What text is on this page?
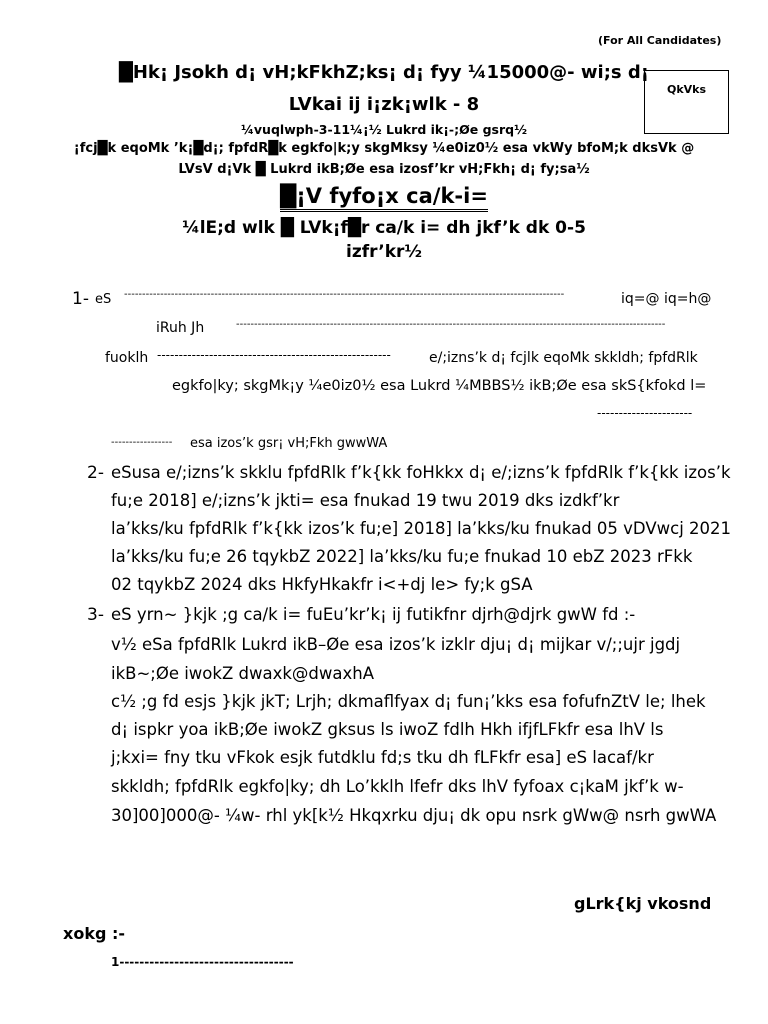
(For All Candidates)
QkVks
█Hk¡ Jsokh d¡ vH;kFkhZ;ks¡ d¡ fyy ¼15000@- wi;s d¡
LVkai ij i¡zk¡wlk - 8
¼vuqlwph-3-11¼¡½ Lukrd ik¡-;Øe gsrq½
¡fcj█k eqoMk ’k¡█d¡; fpfdR█k egkfo|k;y skgMksy ¼e0iz0½ esa vkWy bfoM;k dksVk @
LVsV d¡Vk █ Lukrd ikB;Øe esa izosf’kr vH;Fkh¡ d¡ fy;sa½
█¡V fyfo¡x ca/k-i=
¼lE;d wlk █ LVk¡f█r ca/k i= dh jkf’k dk 0-5
izfr’kr½
1- eS --------------------------------------------------------------------------------------------------------------------------	iq=@ iq=h@
iRuh Jh	-----------------------------------------------------------------------------------------------------------------------
fuoklh ------------------------------------------------------	e/;izns’k d¡ fcjlk eqoMk skkldh; fpfdRlk
egkfo|ky; skgMk¡y ¼e0iz0½ esa Lukrd ¼MBBS½ ikB;Øe esa skS{kfokd l=
----------------------
-----------------	esa izos’k gsr¡ vH;Fkh gwwWA
2- eSusa e/;izns’k skklu fpfdRlk f’k{kk foHkkx d¡ e/;izns’k fpfdRlk f’k{kk izos’k
fu;e 2018] e/;izns’k jkti= esa fnukad 19 twu 2019 dks izdkf’kr
la’kks/ku fpfdRlk f’k{kk izos’k fu;e] 2018] la’kks/ku fnukad 05 vDVwcj 2021
la’kks/ku fu;e 26 tqykbZ 2022] la’kks/ku fu;e fnukad 10 ebZ 2023 rFkk
02 tqykbZ 2024 dks HkfyHkakfr i<+dj le> fy;k gSA
3- eS yrn~ }kjk ;g ca/k i= fuEu’kr’k¡ ij futikfnr djrh@djrk gwW fd :-
v½ eSa fpfdRlk Lukrd ikB–Øe esa izos’k izklr dju¡ d¡ mijkar v/;;ujr jgdj
ikB~;Øe iwokZ dwaxk@dwaxhA
c½ ;g fd esjs }kjk jkT; Lrjh; dkmaflfyax d¡ fun¡’kks esa fofufnZtV le; lhek
d¡ ispkr yoa ikB;Øe iwokZ gksus ls iwoZ fdlh Hkh ifjfLFkfr esa lhV ls
j;kxi= fny tku vFkok esjk futdklu fd;s tku dh fLFkfr esa] eS lacaf/kr
skkldh; fpfdRlk egkfo|ky; dh Lo’kklh lfefr dks lhV fyfoax c¡kaM jkf’k w-
30]00]000@- ¼w- rhl yk[k½ Hkqxrku dju¡ dk opu nsrk gWw@ nsrh gwWA
gLrk{kj vkosnd
xokg :-
1-----------------------------------
